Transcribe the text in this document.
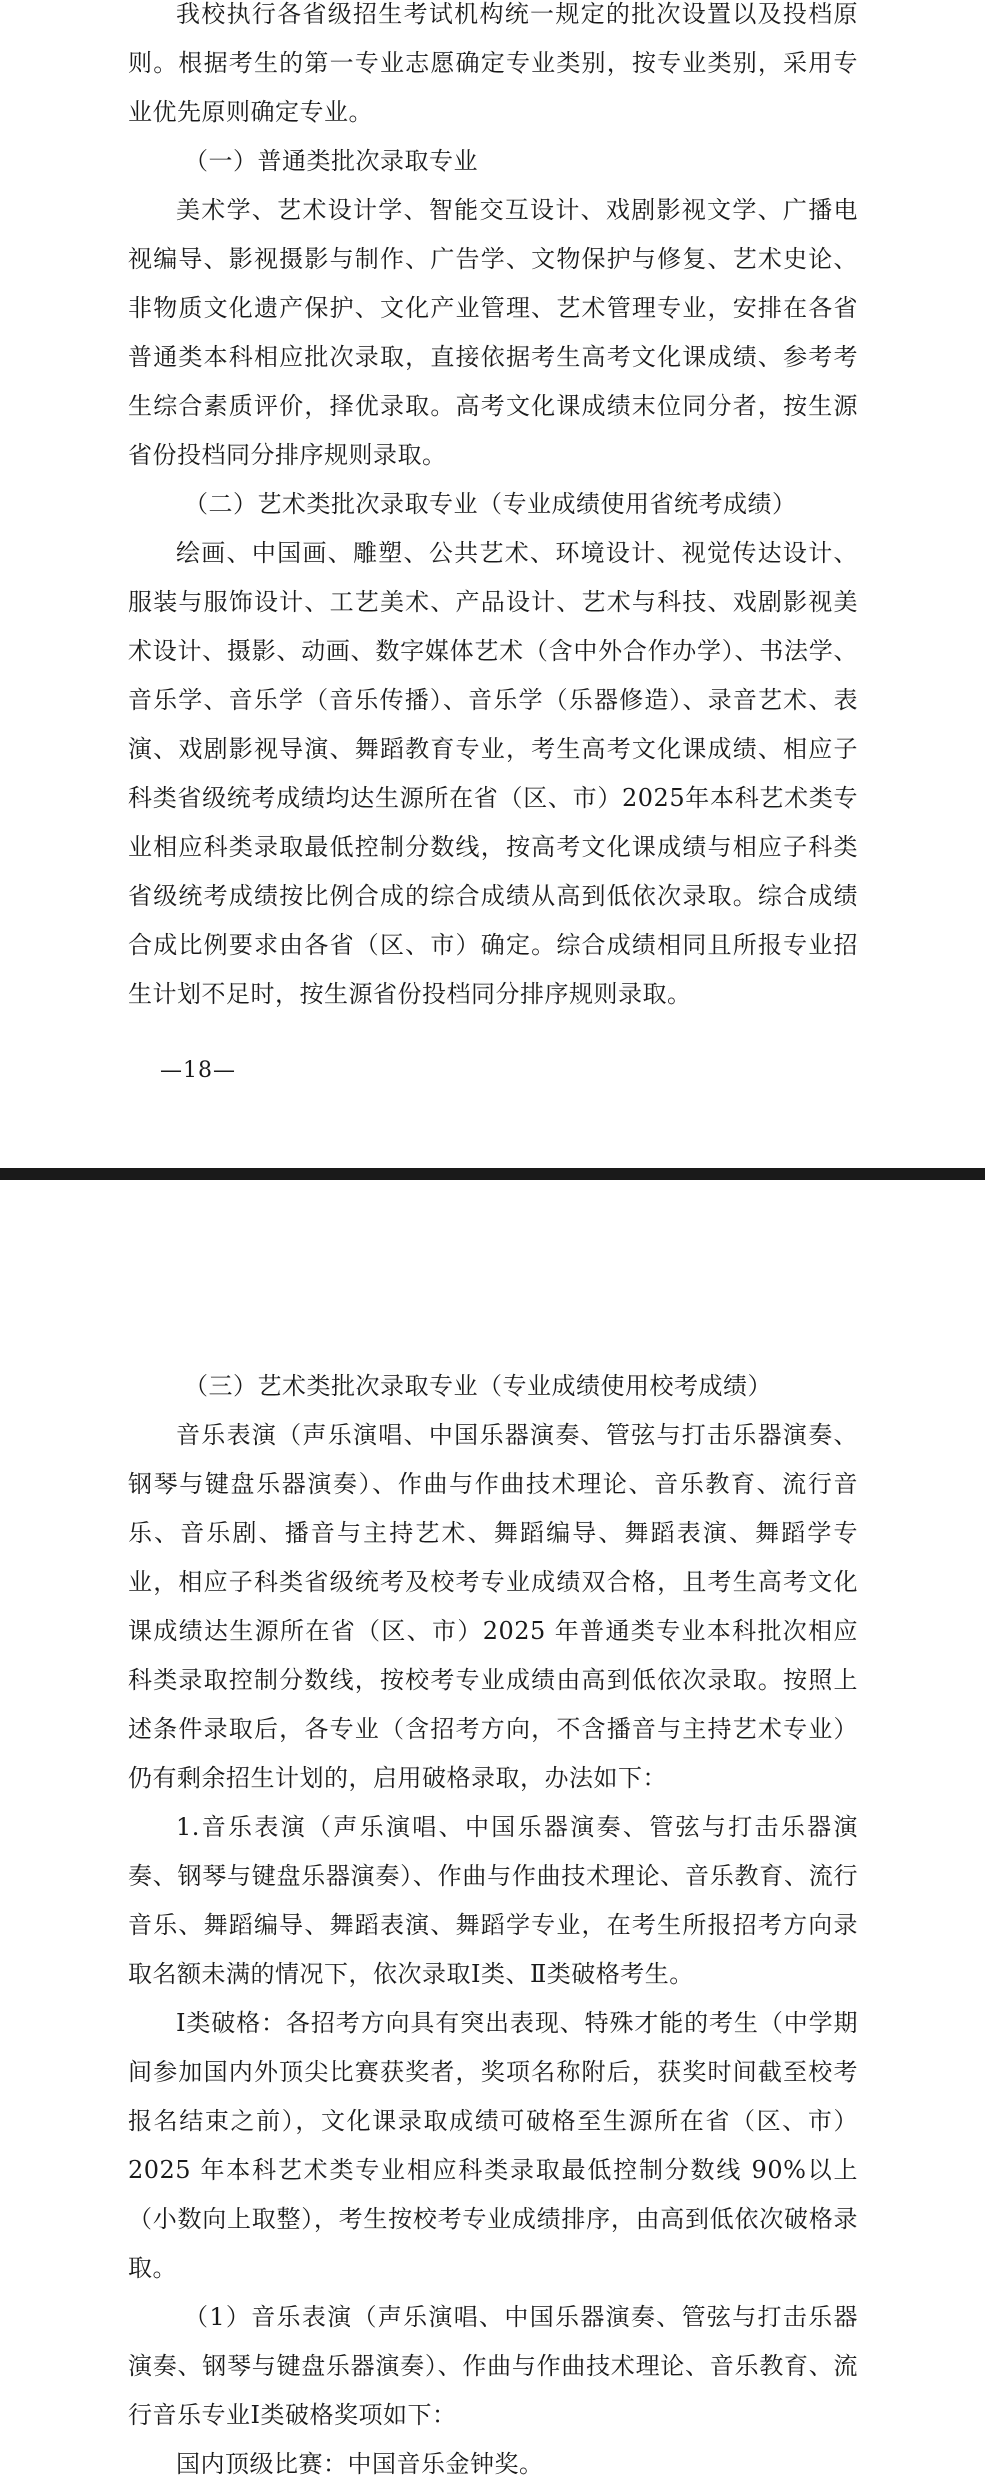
我校执行各省级招生考试机构统一规定的批次设置以及投档原则。根据考生的第一专业志愿确定专业类别，按专业类别，采用专业优先原则确定专业。

（一）普通类批次录取专业

美术学、艺术设计学、智能交互设计、戏剧影视文学、广播电视编导、影视摄影与制作、广告学、文物保护与修复、艺术史论、非物质文化遗产保护、文化产业管理、艺术管理专业，安排在各省普通类本科相应批次录取，直接依据考生高考文化课成绩、参考考生综合素质评价，择优录取。高考文化课成绩末位同分者，按生源省份投档同分排序规则录取。

（二）艺术类批次录取专业（专业成绩使用省统考成绩）

绘画、中国画、雕塑、公共艺术、环境设计、视觉传达设计、服装与服饰设计、工艺美术、产品设计、艺术与科技、戏剧影视美术设计、摄影、动画、数字媒体艺术（含中外合作办学）、书法学、音乐学、音乐学（音乐传播）、音乐学（乐器修造）、录音艺术、表演、戏剧影视导演、舞蹈教育专业，考生高考文化课成绩、相应子科类省级统考成绩均达生源所在省（区、市）2025年本科艺术类专业相应科类录取最低控制分数线，按高考文化课成绩与相应子科类省级统考成绩按比例合成的综合成绩从高到低依次录取。综合成绩合成比例要求由各省（区、市）确定。综合成绩相同且所报专业招生计划不足时，按生源省份投档同分排序规则录取。

—18—

（三）艺术类批次录取专业（专业成绩使用校考成绩）

音乐表演（声乐演唱、中国乐器演奏、管弦与打击乐器演奏、钢琴与键盘乐器演奏）、作曲与作曲技术理论、音乐教育、流行音乐、音乐剧、播音与主持艺术、舞蹈编导、舞蹈表演、舞蹈学专业，相应子科类省级统考及校考专业成绩双合格，且考生高考文化课成绩达生源所在省（区、市）2025 年普通类专业本科批次相应科类录取控制分数线，按校考专业成绩由高到低依次录取。按照上述条件录取后，各专业（含招考方向，不含播音与主持艺术专业）仍有剩余招生计划的，启用破格录取，办法如下：

1.音乐表演（声乐演唱、中国乐器演奏、管弦与打击乐器演奏、钢琴与键盘乐器演奏）、作曲与作曲技术理论、音乐教育、流行音乐、舞蹈编导、舞蹈表演、舞蹈学专业，在考生所报招考方向录取名额未满的情况下，依次录取Ⅰ类、Ⅱ类破格考生。

Ⅰ类破格：各招考方向具有突出表现、特殊才能的考生（中学期间参加国内外顶尖比赛获奖者，奖项名称附后，获奖时间截至校考报名结束之前），文化课录取成绩可破格至生源所在省（区、市）2025 年本科艺术类专业相应科类录取最低控制分数线 90%以上（小数向上取整），考生按校考专业成绩排序，由高到低依次破格录取。

（1）音乐表演（声乐演唱、中国乐器演奏、管弦与打击乐器演奏、钢琴与键盘乐器演奏）、作曲与作曲技术理论、音乐教育、流行音乐专业Ⅰ类破格奖项如下：

国内顶级比赛：中国音乐金钟奖。
